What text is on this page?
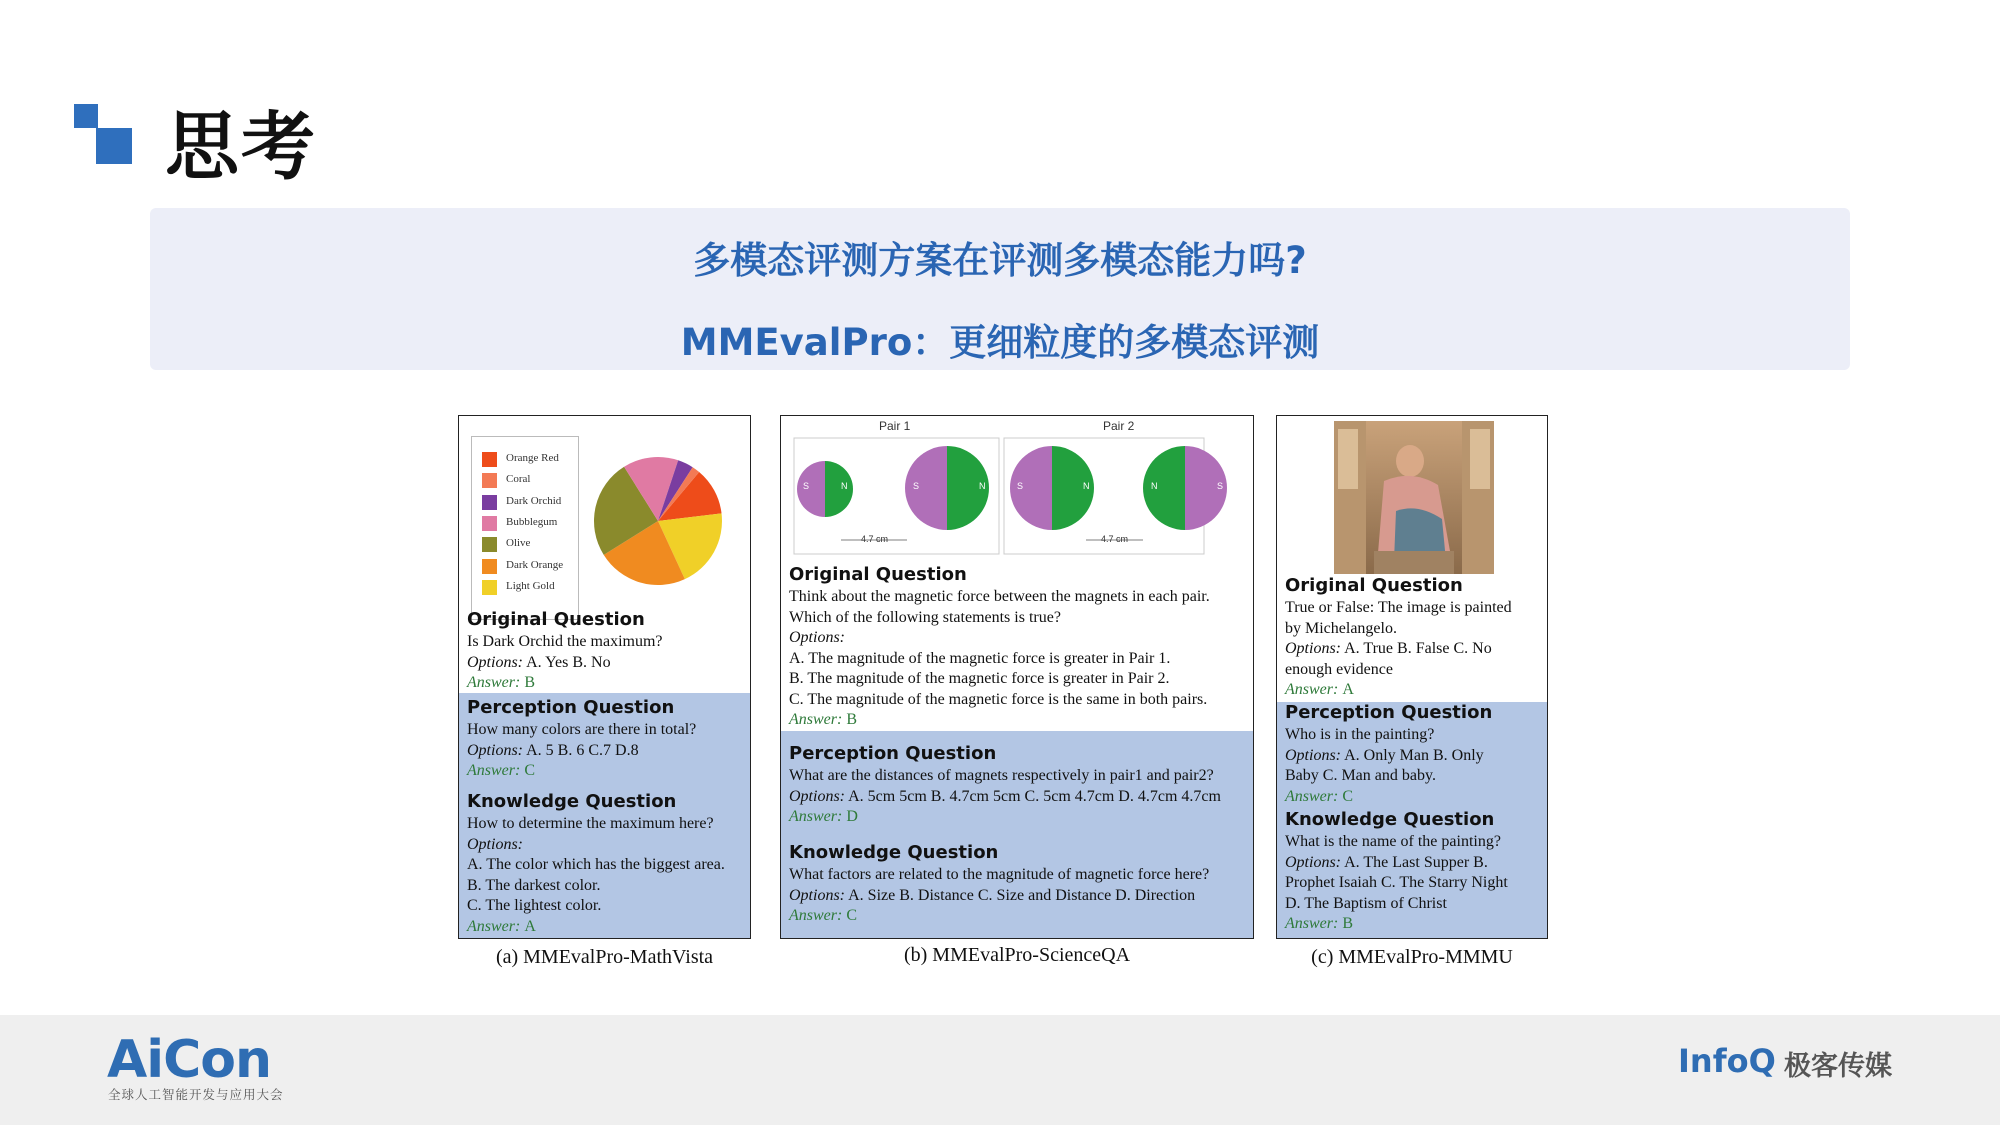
思考
多模态评测方案在评测多模态能力吗?
MMEvalPro：更细粒度的多模态评测
Orange Red
Coral
Dark Orchid
Bubblegum
Olive
Dark Orange
Light Gold
Original Question
Is Dark Orchid the maximum?
Options: A. Yes B. No
Answer: B
Perception Question
How many colors are there in total?
Options: A. 5 B. 6 C.7 D.8
Answer: C
Knowledge Question
How to determine the maximum here?
Options:
A. The color which has the biggest area.
B. The darkest color.
C. The lightest color.
Answer: A
(a) MMEvalPro-MathVista
Pair 1	Pair 2
4.7 cm	4.7 cm
S	N	S	N	S	N	N	S
Original Question
Think about the magnetic force between the magnets in each pair.
Which of the following statements is true?
Options:
A. The magnitude of the magnetic force is greater in Pair 1.
B. The magnitude of the magnetic force is greater in Pair 2.
C. The magnitude of the magnetic force is the same in both pairs.
Answer: B
Perception Question
What are the distances of magnets respectively in pair1 and pair2?
Options: A. 5cm 5cm B. 4.7cm 5cm C. 5cm 4.7cm D. 4.7cm 4.7cm
Answer: D
Knowledge Question
What factors are related to the magnitude of magnetic force here?
Options: A. Size B. Distance C. Size and Distance D. Direction
Answer: C
(b) MMEvalPro-ScienceQA
Original Question
True or False: The image is painted
by Michelangelo.
Options: A. True B. False C. No
enough evidence
Answer: A
Perception Question
Who is in the painting?
Options: A. Only Man B. Only
Baby C. Man and baby.
Answer: C
Knowledge Question
What is the name of the painting?
Options: A. The Last Supper B.
Prophet Isaiah C. The Starry Night
D. The Baptism of Christ
Answer: B
(c) MMEvalPro-MMMU
AiCon
全球人工智能开发与应用大会
InfoQ 极客传媒
